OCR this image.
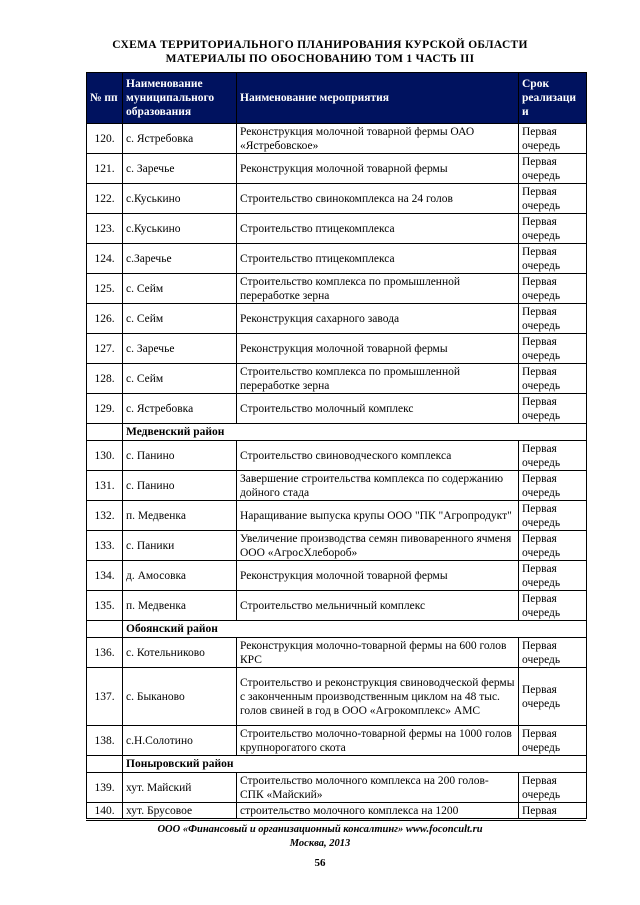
СХЕМА ТЕРРИТОРИАЛЬНОГО ПЛАНИРОВАНИЯ КУРСКОЙ ОБЛАСТИ
МАТЕРИАЛЫ ПО ОБОСНОВАНИЮ ТОМ 1 ЧАСТЬ III
№ пп	Наименование муниципального образования	Наименование мероприятия	Срок реализаци и
120.	с. Ястребовка	Реконструкция молочной товарной фермы ОАО «Ястребовское»	Первая очередь
121.	с. Заречье	Реконструкция молочной товарной фермы	Первая очередь
122.	с.Куськино	Строительство свинокомплекса на 24 голов	Первая очередь
123.	с.Куськино	Строительство птицекомплекса	Первая очередь
124.	с.Заречье	Строительство птицекомплекса	Первая очередь
125.	с. Сейм	Строительство комплекса по промышленной переработке зерна	Первая очередь
126.	с. Сейм	Реконструкция сахарного завода	Первая очередь
127.	с. Заречье	Реконструкция молочной товарной фермы	Первая очередь
128.	с. Сейм	Строительство комплекса по промышленной переработке зерна	Первая очередь
129.	с. Ястребовка	Строительство молочный комплекс	Первая очередь
	Медвенский район		
130.	с. Панино	Строительство свиноводческого комплекса	Первая очередь
131.	с. Панино	Завершение строительства комплекса по содержанию дойного стада	Первая очередь
132.	п. Медвенка	Наращивание выпуска крупы ООО "ПК "Агропродукт"	Первая очередь
133.	с. Паники	Увеличение производства семян пивоваренного ячменя ООО «АгросХлебороб»	Первая очередь
134.	д. Амосовка	Реконструкция молочной товарной фермы	Первая очередь
135.	п. Медвенка	Строительство мельничный комплекс	Первая очередь
	Обоянский район		
136.	с. Котельниково	Реконструкция молочно-товарной фермы на 600 голов КРС	Первая очередь
137.	с. Быканово	Строительство и реконструкция свиноводческой фермы с законченным производственным циклом на 48 тыс. голов свиней в год в ООО «Агрокомплекс» АМС	Первая очередь
138.	с.Н.Солотино	Строительство молочно-товарной фермы на 1000 голов крупнорогатого скота	Первая очередь
	Поныровский район		
139.	хут. Майский	Строительство молочного комплекса на 200 голов- СПК «Майский»	Первая очередь
140.	хут. Брусовое	строительство молочного комплекса на 1200	Первая
ООО «Финансовый и организационный консалтинг» www.foconcult.ru
Москва, 2013
56
